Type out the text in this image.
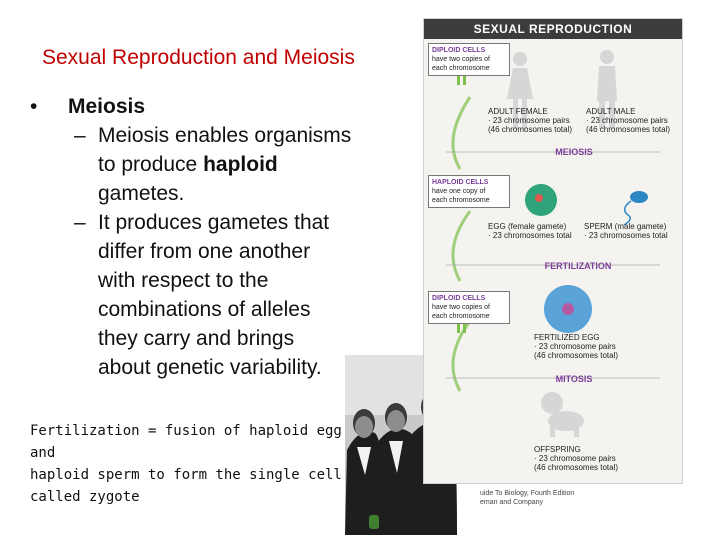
Sexual Reproduction and Meiosis
• Meiosis
– Meiosis enables organisms
to produce haploid
gametes.
– It produces gametes that
differ from one another
with respect to the
combinations of alleles
they carry and brings
about genetic variability.
Fertilization = fusion of haploid egg and
haploid sperm to form the single cell
called zygote
SEXUAL REPRODUCTION
DIPLOID CELLS
have two copies of
each chromosome
ADULT FEMALE
· 23 chromosome pairs
(46 chromosomes total)
ADULT MALE
· 23 chromosome pairs
(46 chromosomes total)
MEIOSIS
HAPLOID CELLS
have one copy of
each chromosome
EGG (female gamete)
· 23 chromosomes total
SPERM (male gamete)
· 23 chromosomes total
FERTILIZATION
DIPLOID CELLS
have two copies of
each chromosome
FERTILIZED EGG
· 23 chromosome pairs
(46 chromosomes total)
MITOSIS
OFFSPRING
· 23 chromosome pairs
(46 chromosomes total)
uide To Biology, Fourth Edition
eman and Company
